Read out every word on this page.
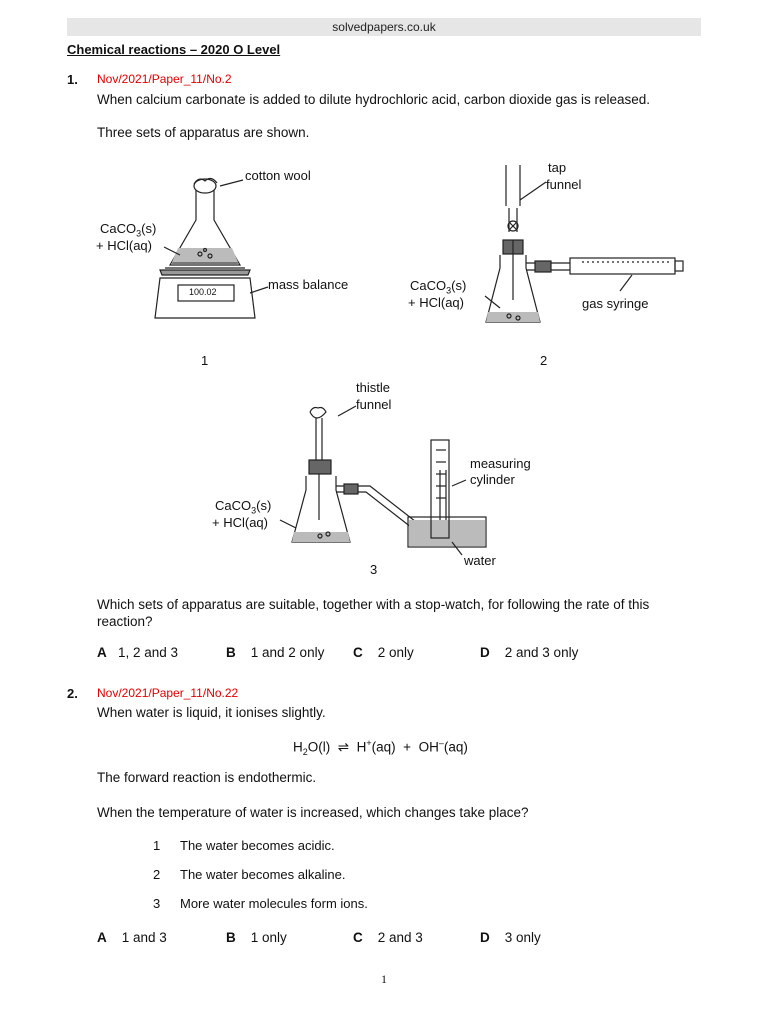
solvedpapers.co.uk
Chemical reactions – 2020 O Level
1. Nov/2021/Paper_11/No.2
When calcium carbonate is added to dilute hydrochloric acid, carbon dioxide gas is released.
Three sets of apparatus are shown.
cotton wool
CaCO$_3$(s)
+ HCl(aq)
mass balance
100.02
1
tap
funnel
CaCO$_3$(s)
+ HCl(aq)	gas syringe
2
thistle
funnel
measuring
cylinder
CaCO$_3$(s)
+ HCl(aq)
water
3
Which sets of apparatus are suitable, together with a stop-watch, for following the rate of this
reaction?
A 1, 2 and 3	B 1 and 2 only C 2 only	D 2 and 3 only
2. Nov/2021/Paper_11/No.22
When water is liquid, it ionises slightly.
$H_2O(l)$ ⇌ H+(aq) + OH–(aq)
The forward reaction is endothermic.
When the temperature of water is increased, which changes take place?
1 The water becomes acidic.
2 The water becomes alkaline.
3 More water molecules form ions.
A 1 and 3	B 1 only	C 2 and 3	D 3 only
1
